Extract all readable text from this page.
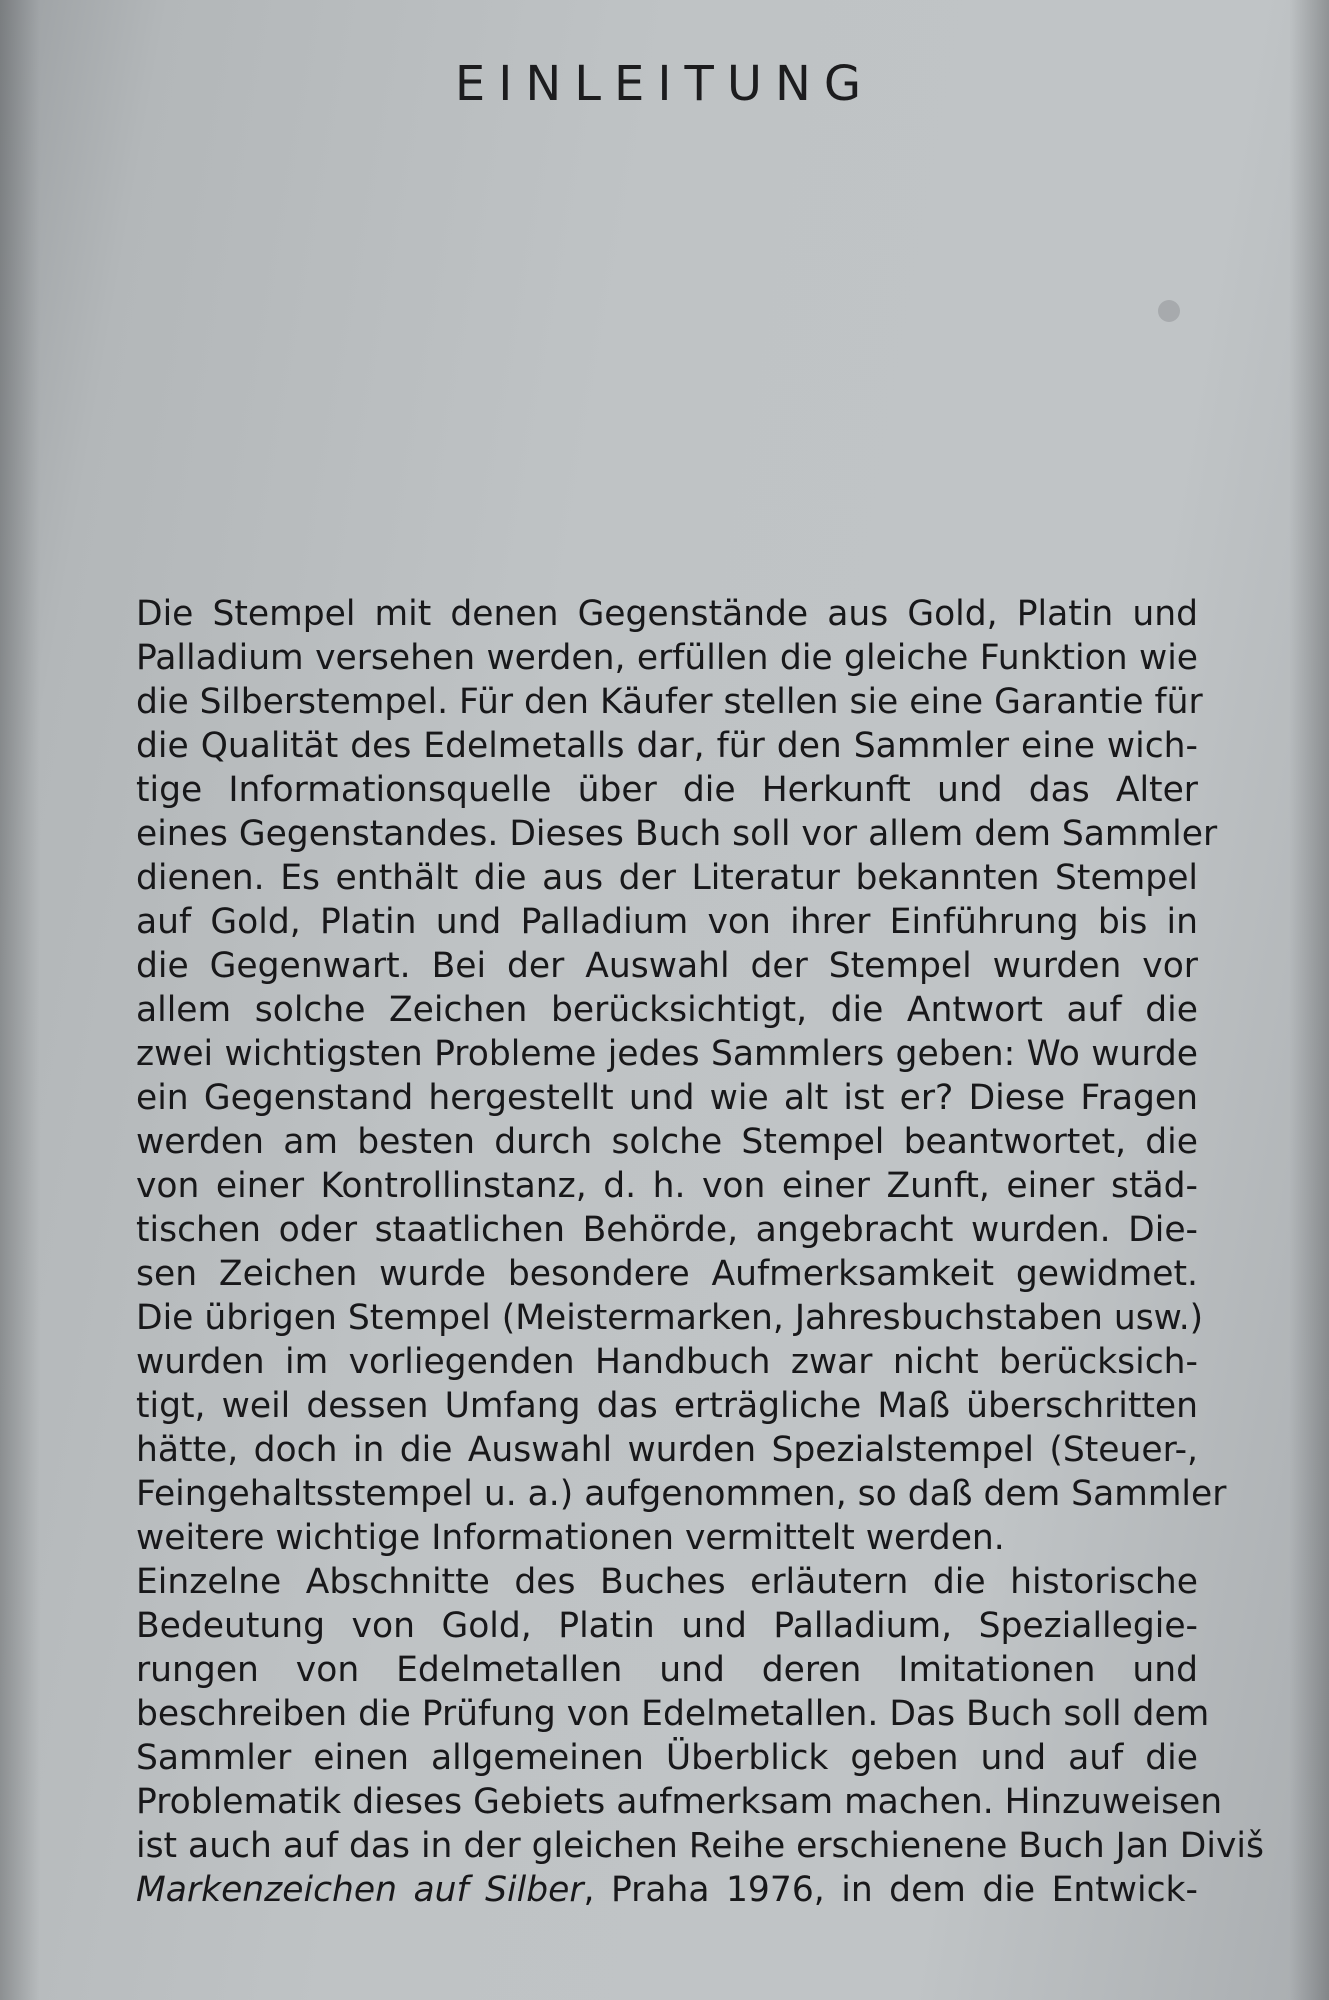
EINLEITUNG
Die Stempel mit denen Gegenstände aus Gold, Platin und
Palladium versehen werden, erfüllen die gleiche Funktion wie
die Silberstempel. Für den Käufer stellen sie eine Garantie für
die Qualität des Edelmetalls dar, für den Sammler eine wich-
tige Informationsquelle über die Herkunft und das Alter
eines Gegenstandes. Dieses Buch soll vor allem dem Sammler
dienen. Es enthält die aus der Literatur bekannten Stempel
auf Gold, Platin und Palladium von ihrer Einführung bis in
die Gegenwart. Bei der Auswahl der Stempel wurden vor
allem solche Zeichen berücksichtigt, die Antwort auf die
zwei wichtigsten Probleme jedes Sammlers geben: Wo wurde
ein Gegenstand hergestellt und wie alt ist er? Diese Fragen
werden am besten durch solche Stempel beantwortet, die
von einer Kontrollinstanz, d. h. von einer Zunft, einer städ-
tischen oder staatlichen Behörde, angebracht wurden. Die-
sen Zeichen wurde besondere Aufmerksamkeit gewidmet.
Die übrigen Stempel (Meistermarken, Jahresbuchstaben usw.)
wurden im vorliegenden Handbuch zwar nicht berücksich-
tigt, weil dessen Umfang das erträgliche Maß überschritten
hätte, doch in die Auswahl wurden Spezialstempel (Steuer-,
Feingehaltsstempel u. a.) aufgenommen, so daß dem Sammler
weitere wichtige Informationen vermittelt werden.
Einzelne Abschnitte des Buches erläutern die historische
Bedeutung von Gold, Platin und Palladium, Speziallegie-
rungen von Edelmetallen und deren Imitationen und
beschreiben die Prüfung von Edelmetallen. Das Buch soll dem
Sammler einen allgemeinen Überblick geben und auf die
Problematik dieses Gebiets aufmerksam machen. Hinzuweisen
ist auch auf das in der gleichen Reihe erschienene Buch Jan Diviš
Markenzeichen auf Silber, Praha 1976, in dem die Entwick-
